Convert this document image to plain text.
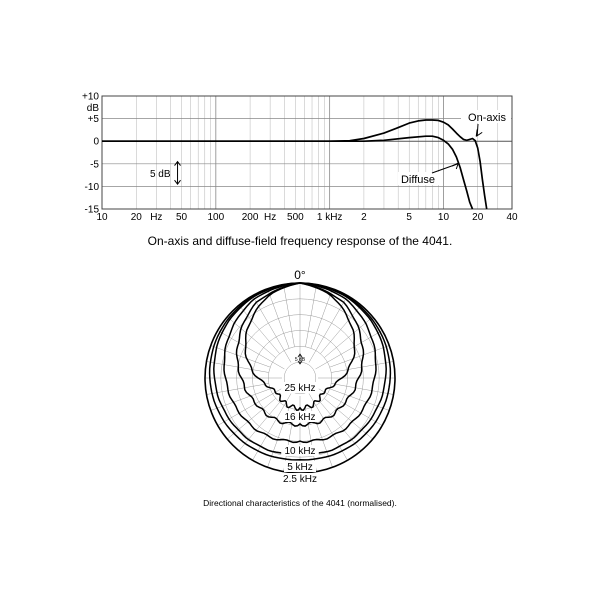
+10
+5
0
-5
-10
-15
10 20	50 100 200	500 1 kHz 2	5	10 20 40
Hz	Hz
dB
5 dB
On-axis
Diffuse
0°
5 dB
2.5 kHz
5 kHz
10 kHz
16 kHz
25 kHz
On-axis and diffuse-field frequency response of the 4041.
Directional characteristics of the 4041 (normalised).
